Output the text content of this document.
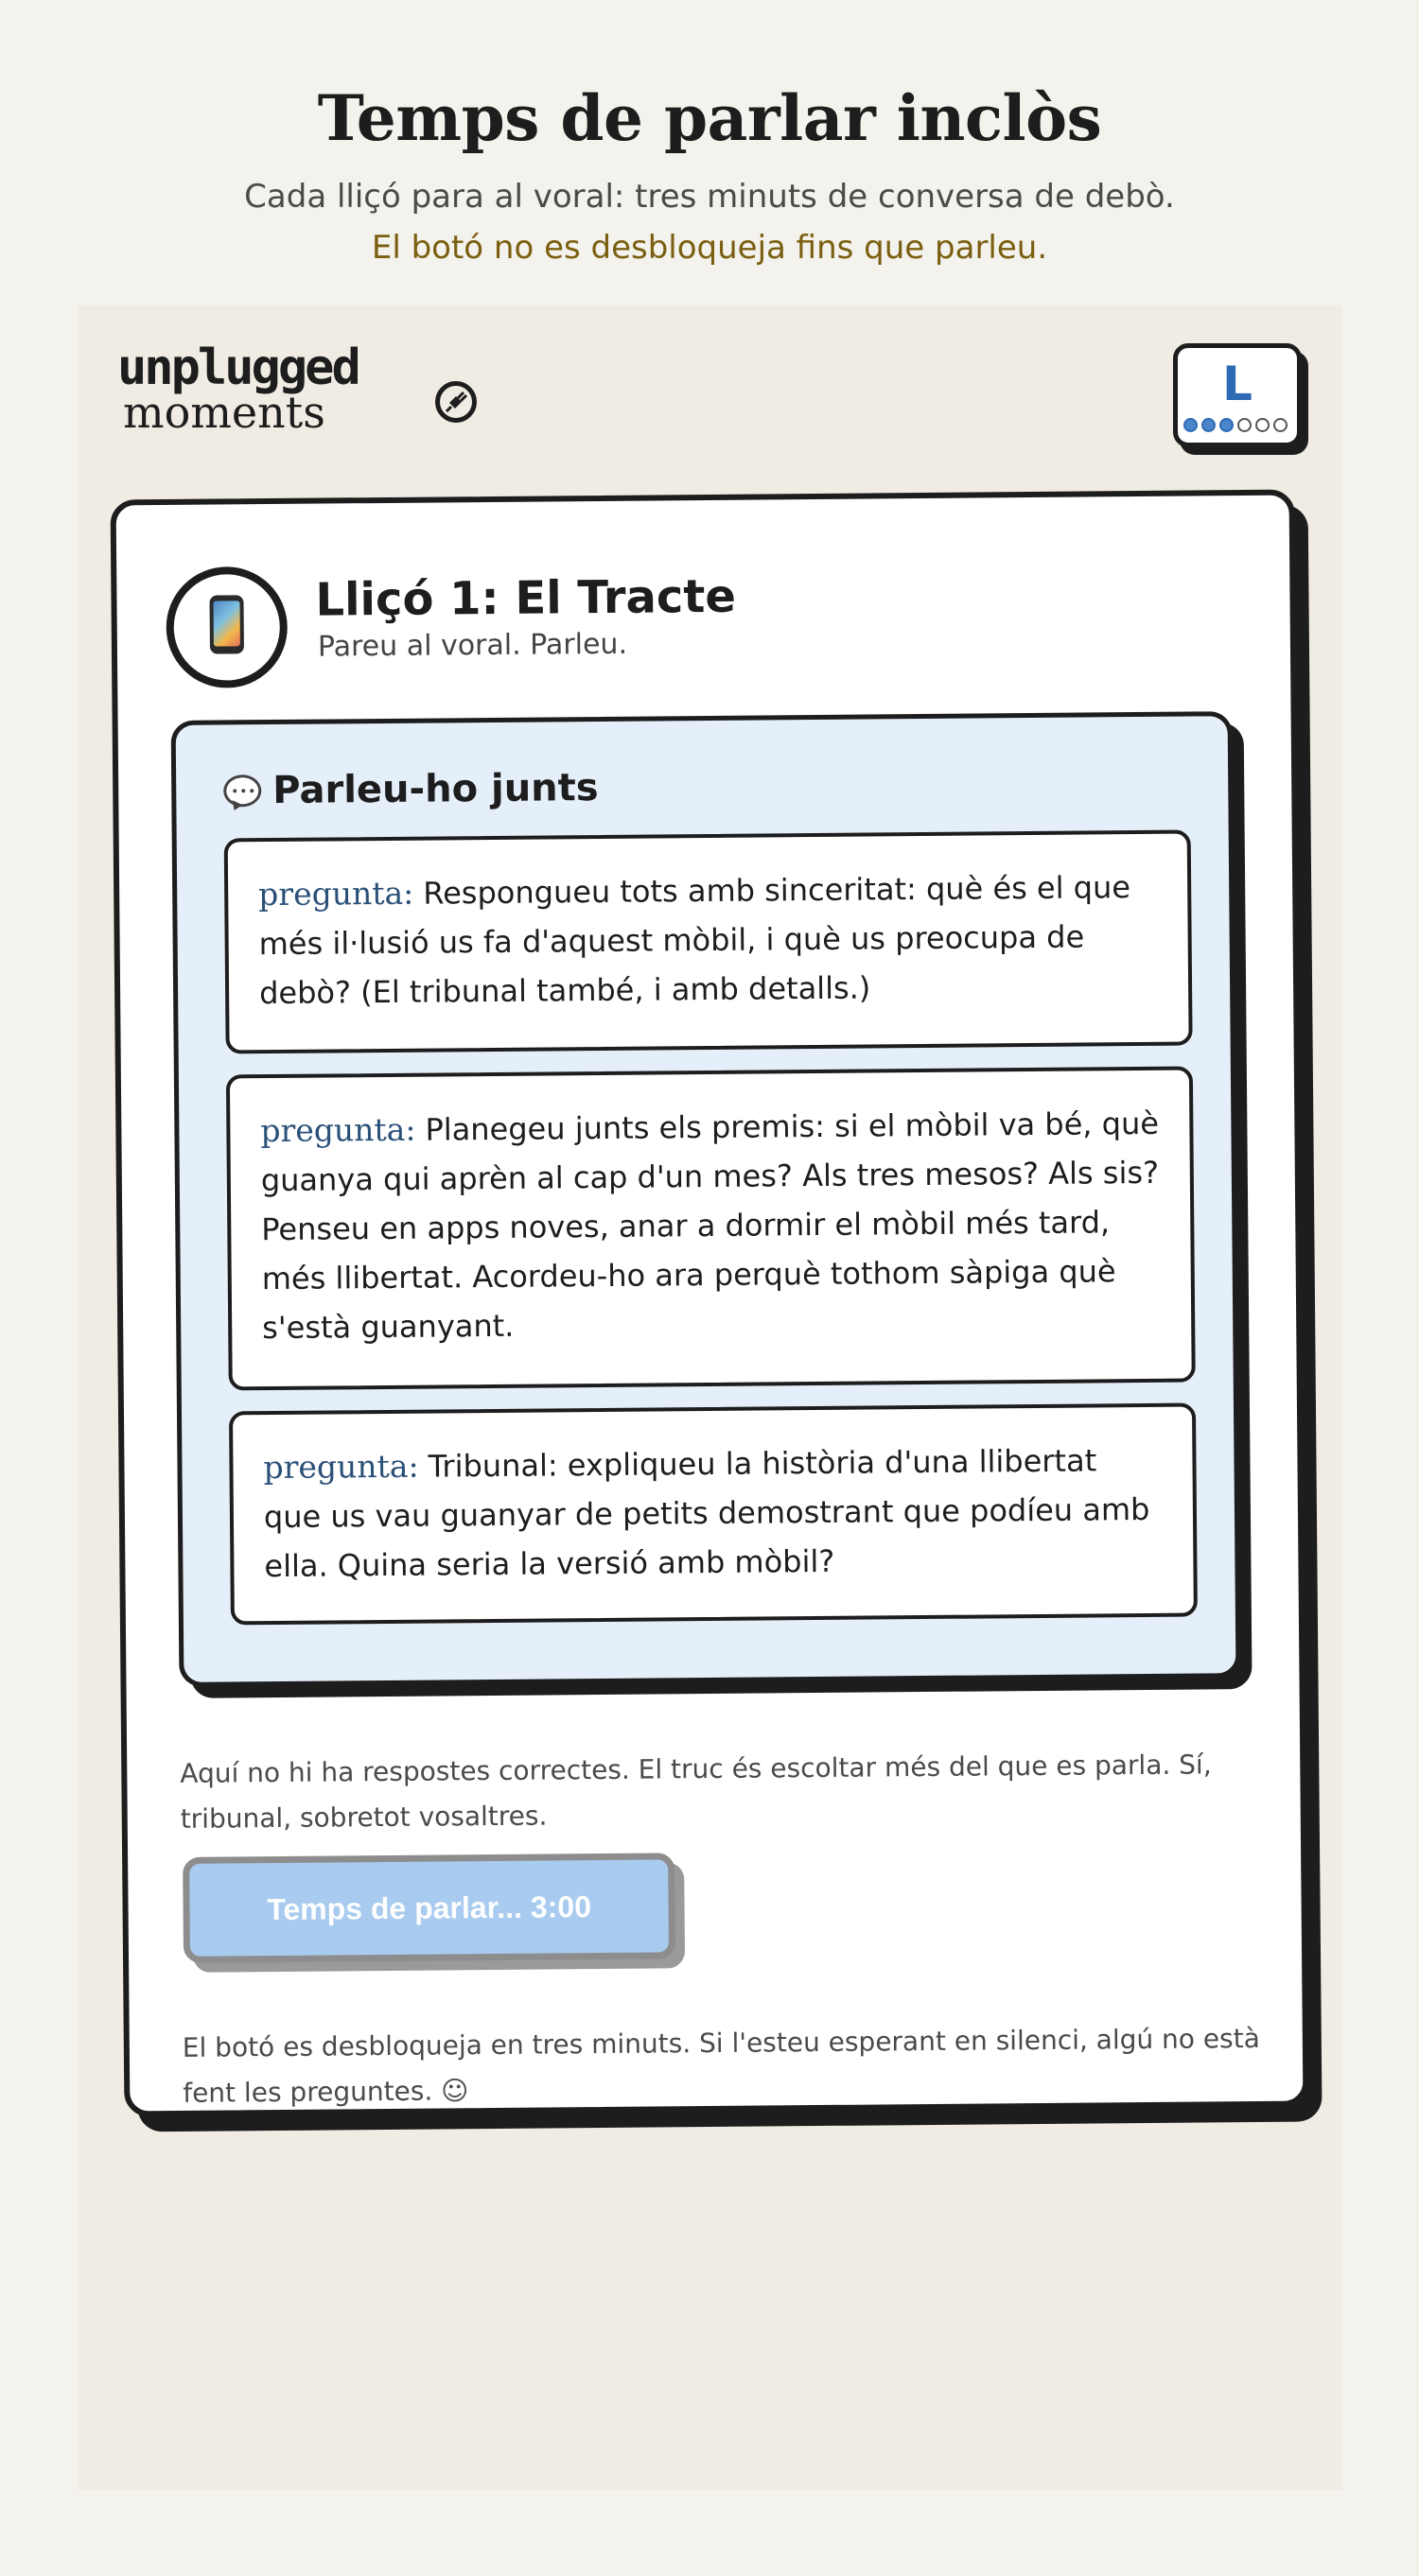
Temps de parlar inclòs
Cada lliçó para al voral: tres minuts de conversa de debò.
El botó no es desbloqueja fins que parleu.
unplugged
moments
L
Lliçó 1: El Tracte
Pareu al voral. Parleu.
Parleu-ho junts
pregunta: Respongueu tots amb sinceritat: què és el que més il·lusió us fa d'aquest mòbil, i què us preocupa de debò? (El tribunal també, i amb detalls.)
pregunta: Planegeu junts els premis: si el mòbil va bé, què guanya qui aprèn al cap d'un mes? Als tres mesos? Als sis? Penseu en apps noves, anar a dormir el mòbil més tard, més llibertat. Acordeu-ho ara perquè tothom sàpiga què s'està guanyant.
pregunta: Tribunal: expliqueu la història d'una llibertat que us vau guanyar de petits demostrant que podíeu amb ella. Quina seria la versió amb mòbil?

Aquí no hi ha respostes correctes. El truc és escoltar més del que es parla. Sí, tribunal, sobretot vosaltres.

Temps de parlar... 3:00

El botó es desbloqueja en tres minuts. Si l'esteu esperant en silenci, algú no està fent les preguntes. ☺
